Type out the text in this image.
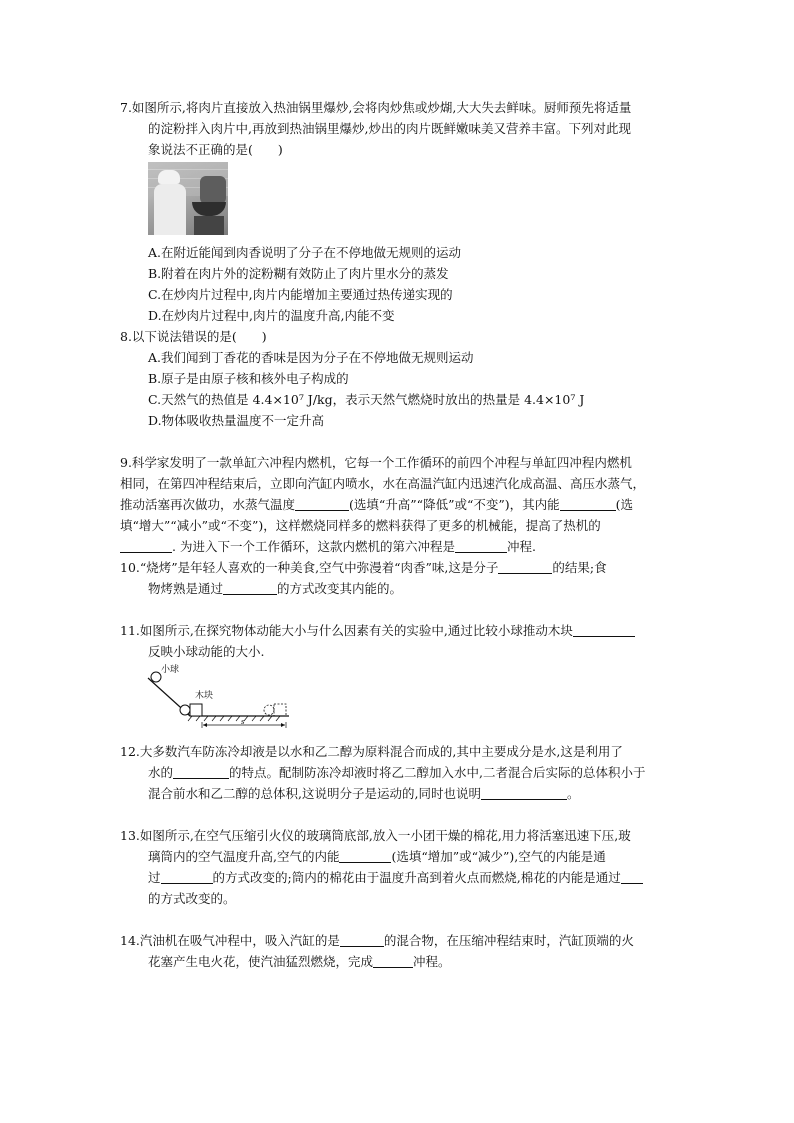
7.如图所示,将肉片直接放入热油锅里爆炒,会将肉炒焦或炒煳,大大失去鲜味。厨师预先将适量
的淀粉拌入肉片中,再放到热油锅里爆炒,炒出的肉片既鲜嫩味美又营养丰富。下列对此现
象说法不正确的是(　　)
A.在附近能闻到肉香说明了分子在不停地做无规则的运动
B.附着在肉片外的淀粉糊有效防止了肉片里水分的蒸发
C.在炒肉片过程中,肉片内能增加主要通过热传递实现的
D.在炒肉片过程中,肉片的温度升高,内能不变
8.以下说法错误的是(　　)
A.我们闻到丁香花的香味是因为分子在不停地做无规则运动
B.原子是由原子核和核外电子构成的
C.天然气的热值是 4.4×10⁷ J/kg，表示天然气燃烧时放出的热量是 4.4×10⁷ J
D.物体吸收热量温度不一定升高
9.科学家发明了一款单缸六冲程内燃机，它每一个工作循环的前四个冲程与单缸四冲程内燃机
相同，在第四冲程结束后，立即向汽缸内喷水，水在高温汽缸内迅速汽化成高温、高压水蒸气，
推动活塞再次做功，水蒸气温度	(选填“升高”“降低”或“不变”)，其内能	(选
填“增大”“减小”或“不变”)，这样燃烧同样多的燃料获得了更多的机械能，提高了热机的
. 为进入下一个工作循环，这款内燃机的第六冲程是	冲程.
10.“烧烤”是年轻人喜欢的一种美食,空气中弥漫着“肉香”味,这是分子	的结果;食
物烤熟是通过	的方式改变其内能的。
11.如图所示,在探究物体动能大小与什么因素有关的实验中,通过比较小球推动木块
反映小球动能的大小.
小球
木块
s
12.大多数汽车防冻冷却液是以水和乙二醇为原料混合而成的,其中主要成分是水,这是利用了
水的	的特点。配制防冻冷却液时将乙二醇加入水中,二者混合后实际的总体积小于
混合前水和乙二醇的总体积,这说明分子是运动的,同时也说明	。
13.如图所示,在空气压缩引火仪的玻璃筒底部,放入一小团干燥的棉花,用力将活塞迅速下压,玻
璃筒内的空气温度升高,空气的内能	(选填“增加”或“减少”),空气的内能是通
过	的方式改变的;筒内的棉花由于温度升高到着火点而燃烧,棉花的内能是通过
的方式改变的。
14.汽油机在吸气冲程中，吸入汽缸的是	的混合物，在压缩冲程结束时，汽缸顶端的火
花塞产生电火花，使汽油猛烈燃烧，完成	冲程。
